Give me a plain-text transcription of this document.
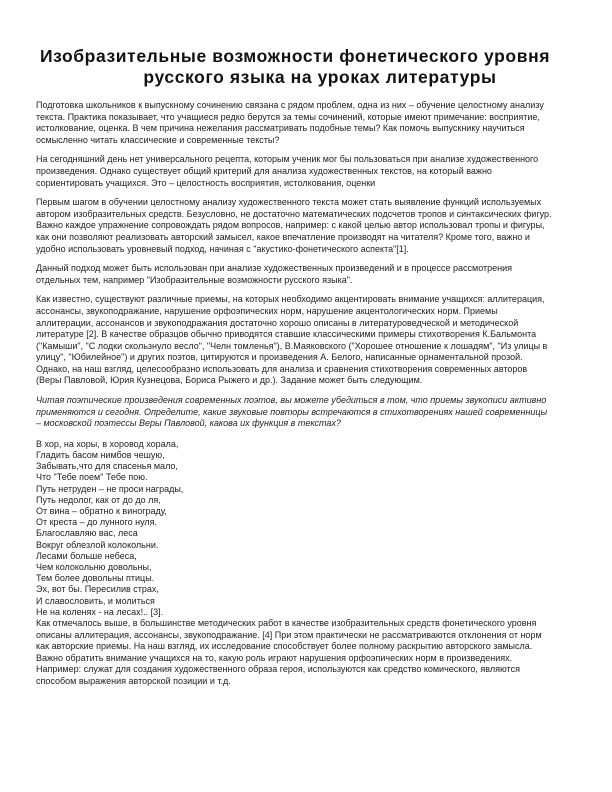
Изобразительные возможности фонетического уровня
русского языка на уроках литературы

Подготовка школьников к выпускному сочинению связана с рядом проблем, одна из них – обучение целостному анализу текста. Практика показывает, что учащиеся редко берутся за темы сочинений, которые имеют примечание: восприятие, истолкование, оценка. В чем причина нежелания рассматривать подобные темы? Как помочь выпускнику научиться осмысленно читать классические и современные тексты?

На сегодняшний день нет универсального рецепта, которым ученик мог бы пользоваться при анализе художественного произведения. Однако существует общий критерий для анализа художественных текстов, на который важно сориентировать учащихся. Это – целостность восприятия, истолкования, оценки

Первым шагом в обучении целостному анализу художественного текста может стать выявление функций используемых автором изобразительных средств. Безусловно, не достаточно математических подсчетов тропов и синтаксических фигур. Важно каждое упражнение сопровождать рядом вопросов, например: с какой целью автор использовал тропы и фигуры, как они позволяют реализовать авторский замысел, какое впечатление производят на читателя? Кроме того, важно и удобно использовать уровневый подход, начиная с "акустико-фонетического аспекта"[1].

Данный подход может быть использован при анализе художественных произведений и в процессе рассмотрения отдельных тем, например "Изобразительные возможности русского языка".

Как известно, существуют различные приемы, на которых необходимо акцентировать внимание учащихся: аллитерация, ассонансы, звукоподражание, нарушение орфоэпических норм, нарушение акцентологических норм. Приемы аллитерации, ассонансов и звукоподражания достаточно хорошо описаны в литературоведческой и методической литературе [2]. В качестве образцов обычно приводятся ставшие классическими примеры стихотворения К.Бальмонта ("Камыши", "С лодки скользнуло весло", "Челн томленья"), В.Маяковского ("Хорошее отношение к лошадям", "Из улицы в улицу", "Юбилейное") и других поэтов, цитируются и произведения А. Белого, написанные орнаментальной прозой. Однако, на наш взгляд, целесообразно использовать для анализа и сравнения стихотворения современных авторов (Веры Павловой, Юрия Кузнецова, Бориса Рыжего и др.). Задание может быть следующим.

Читая поэтические произведения современных поэтов, вы можете убедиться в том, что приемы звукописи активно применяются и сегодня. Определите, какие звуковые повторы встречаются в стихотворениях нашей современницы – московской поэтессы Веры Павловой, какова их функция в текстах?

В хор, на хоры, в хоровод хорала,
Гладить басом нимбов чешую,
Забывать,что для спасенья мало,
Что "Тебе поем" Тебе пою.
Путь нетруден – не проси награды,
Путь недолог, как от до до ля,
От вина – обратно к винограду,
От креста – до лунного нуля.
Благославляю вас, леса
Вокруг облезлой колокольни.
Лесами больше небеса,
Чем колокольню довольны,
Тем более довольны птицы.
Эх, вот бы. Пересилив страх,
И славословить, и молиться
Не на коленях - на лесах!.. [3].

Как отмечалось выше, в большинстве методических работ в качестве изобразительных средств фонетического уровня описаны аллитерация, ассонансы, звукоподражание. [4] При этом практически не рассматриваются отклонения от норм как авторские приемы. На наш взгляд, их исследование способствует более полному раскрытию авторского замысла. Важно обратить внимание учащихся на то, какую роль играют нарушения орфоэпических норм в произведениях. Например: служат для создания художественного образа героя, используются как средство комического, являются способом выражения авторской позиции и т.д.
